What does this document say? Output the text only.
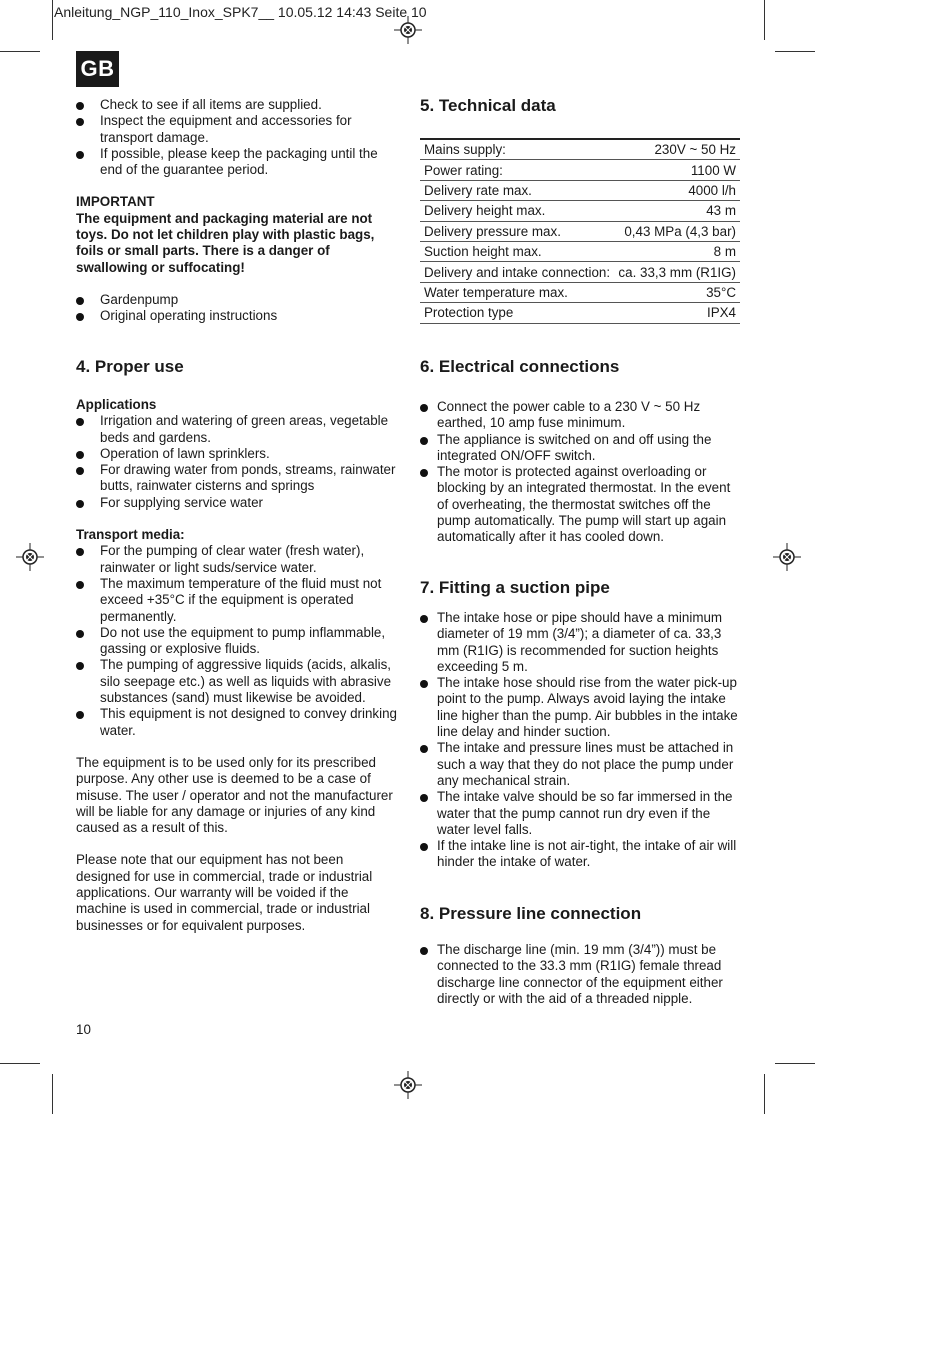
Anleitung_NGP_110_Inox_SPK7__ 10.05.12 14:43 Seite 10
GB
Check to see if all items are supplied.
Inspect the equipment and accessories for transport damage.
If possible, please keep the packaging until the end of the guarantee period.

IMPORTANT

The equipment and packaging material are not toys. Do not let children play with plastic bags, foils or small parts. There is a danger of swallowing or suffocating!

Gardenpump
Original operating instructions
4. Proper use

Applications

Irrigation and watering of green areas, vegetable beds and gardens.
Operation of lawn sprinklers.
For drawing water from ponds, streams, rainwater butts, rainwater cisterns and springs
For supplying service water

Transport media:

For the pumping of clear water (fresh water), rainwater or light suds/service water.
The maximum temperature of the fluid must not exceed +35°C if the equipment is operated permanently.
Do not use the equipment to pump inflammable, gassing or explosive fluids.
The pumping of aggressive liquids (acids, alkalis, silo seepage etc.) as well as liquids with abrasive substances (sand) must likewise be avoided.
This equipment is not designed to convey drinking water.

The equipment is to be used only for its prescribed purpose. Any other use is deemed to be a case of misuse. The user / operator and not the manufacturer will be liable for any damage or injuries of any kind caused as a result of this.

Please note that our equipment has not been designed for use in commercial, trade or industrial applications. Our warranty will be voided if the machine is used in commercial, trade or industrial businesses or for equivalent purposes.

5. Technical data
Mains supply:	230V ~ 50 Hz
Power rating:	1100 W
Delivery rate max.	4000 l/h
Delivery height max.	43 m
Delivery pressure max.	0,43 MPa (4,3 bar)
Suction height max.	8 m
Delivery and intake connection:	ca. 33,3 mm (R1IG)
Water temperature max.	35°C
Protection type	IPX4
6. Electrical connections
Connect the power cable to a 230 V ~ 50 Hz earthed, 10 amp fuse minimum.
The appliance is switched on and off using the integrated ON/OFF switch.
The motor is protected against overloading or blocking by an integrated thermostat. In the event of overheating, the thermostat switches off the pump automatically. The pump will start up again automatically after it has cooled down.
7. Fitting a suction pipe
The intake hose or pipe should have a minimum diameter of 19 mm (3/4”); a diameter of ca. 33,3 mm (R1IG) is recommended for suction heights exceeding 5 m.
The intake hose should rise from the water pick-up point to the pump. Always avoid laying the intake line higher than the pump. Air bubbles in the intake line delay and hinder suction.
The intake and pressure lines must be attached in such a way that they do not place the pump under any mechanical strain.
The intake valve should be so far immersed in the water that the pump cannot run dry even if the water level falls.
If the intake line is not air-tight, the intake of air will hinder the intake of water.
8. Pressure line connection
The discharge line (min. 19 mm (3/4”)) must be connected to the 33.3 mm (R1IG) female thread discharge line connector of the equipment either directly or with the aid of a threaded nipple.
10
